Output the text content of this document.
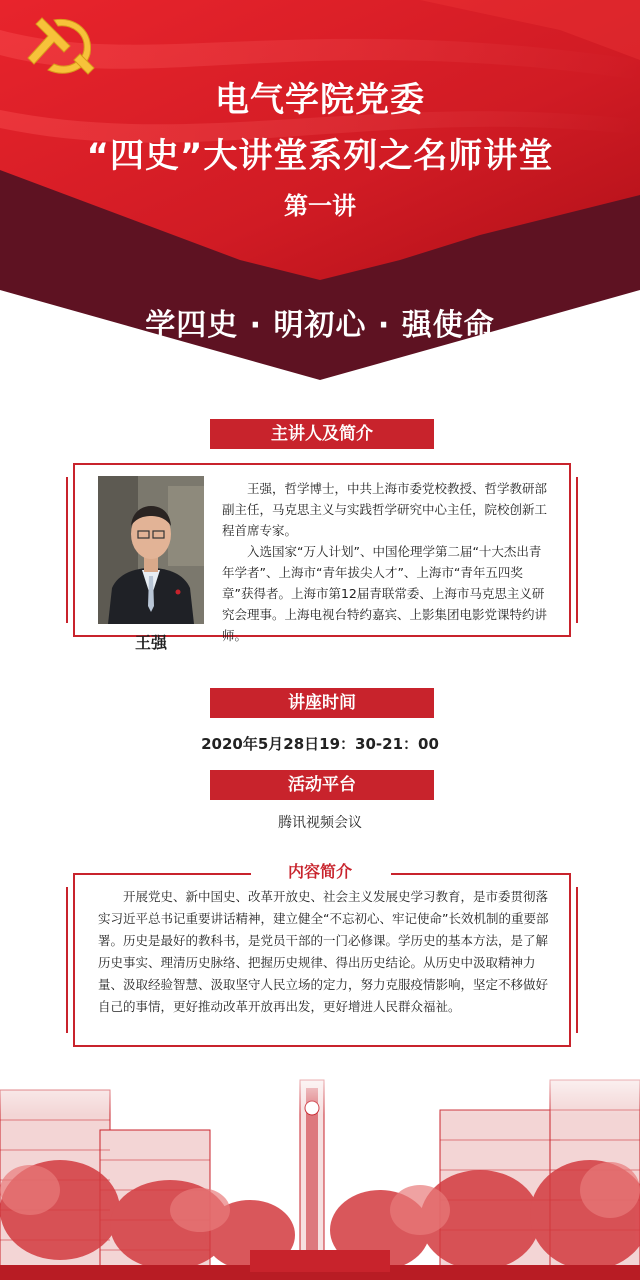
电气学院党委
“四史”大讲堂系列之名师讲堂
第一讲
学四史 · 明初心 · 强使命
主讲人及简介
王强

王强，哲学博士，中共上海市委党校教授、哲学教研部副主任，马克思主义与实践哲学研究中心主任，院校创新工程首席专家。

入选国家“万人计划”、中国伦理学第二届“十大杰出青年学者”、上海市“青年拔尖人才”、上海市“青年五四奖章”获得者。上海市第12届青联常委、上海市马克思主义研究会理事。上海电视台特约嘉宾、上影集团电影党课特约讲师。

讲座时间
2020年5月28日19：30-21：00
活动平台
腾讯视频会议
内容简介

开展党史、新中国史、改革开放史、社会主义发展史学习教育，是市委贯彻落实习近平总书记重要讲话精神，建立健全“不忘初心、牢记使命”长效机制的重要部署。历史是最好的教科书，是党员干部的一门必修课。学历史的基本方法，是了解历史事实、理清历史脉络、把握历史规律、得出历史结论。从历史中汲取精神力量、汲取经验智慧、汲取坚守人民立场的定力，努力克服疫情影响，坚定不移做好自己的事情，更好推动改革开放再出发，更好增进人民群众福祉。
